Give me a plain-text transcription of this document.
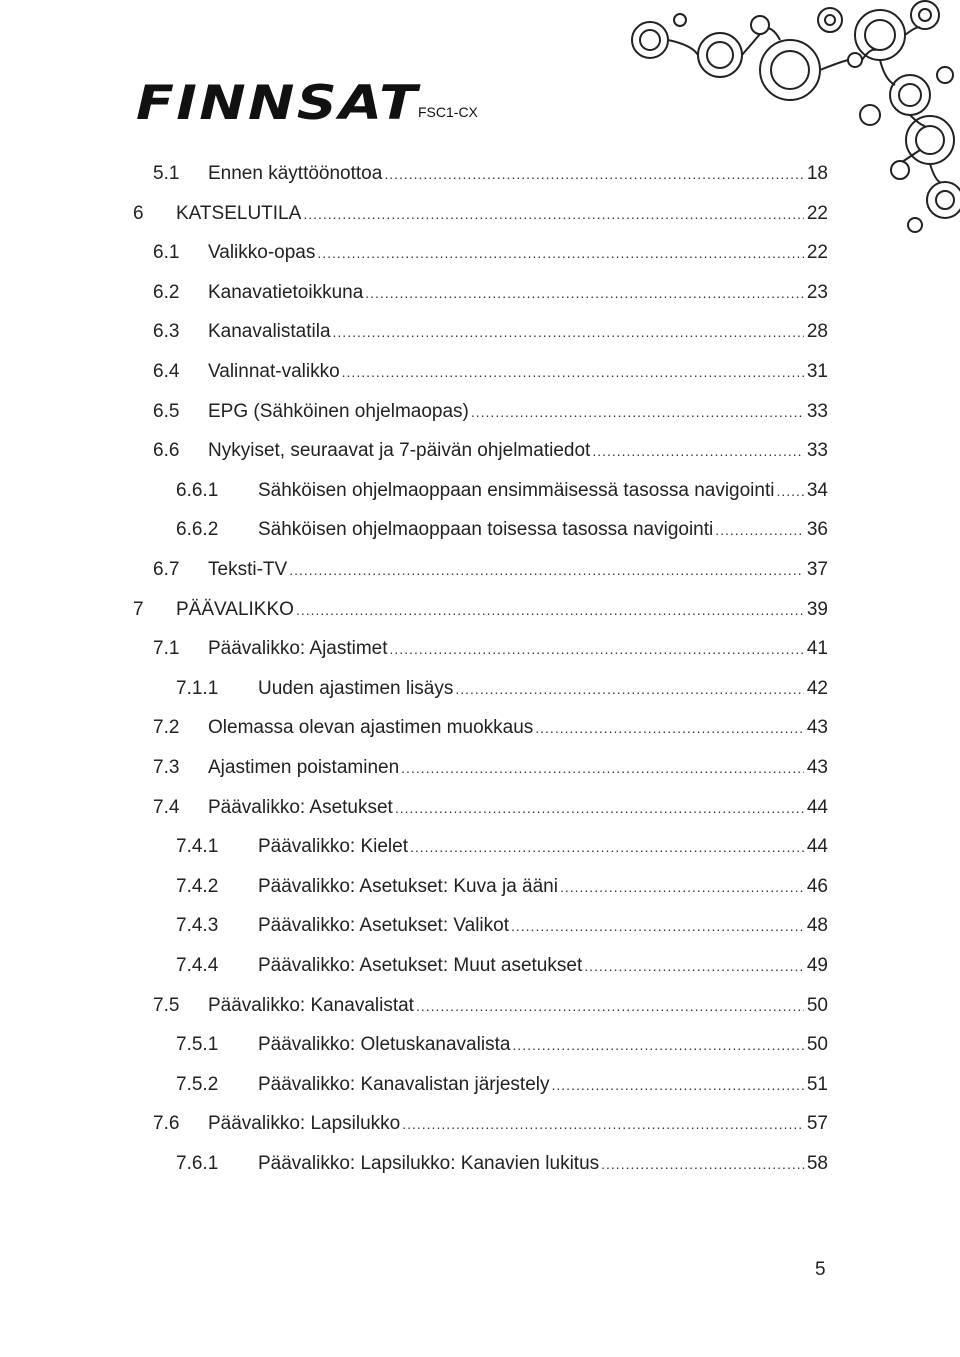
FINNSAT
FSC1-CX
5.1 Ennen käyttöönottoa .....	18
6 KATSELUTILA .....	22
6.1 Valikko-opas .....	22
6.2 Kanavatietoikkuna .....	23
6.3 Kanavalistatila .....	28
6.4 Valinnat-valikko .....	31
6.5 EPG (Sähköinen ohjelmaopas) .....	33
6.6 Nykyiset, seuraavat ja 7-päivän ohjelmatiedot .....	33
6.6.1 Sähköisen ohjelmaoppaan ensimmäisessä tasossa navigointi ..... 34
6.6.2 Sähköisen ohjelmaoppaan toisessa tasossa navigointi .....	36
6.7 Teksti-TV .....	37
7 PÄÄVALIKKO .....	39
7.1 Päävalikko: Ajastimet .....	41
7.1.1 Uuden ajastimen lisäys .....	42
7.2 Olemassa olevan ajastimen muokkaus .....	43
7.3 Ajastimen poistaminen .....	43
7.4 Päävalikko: Asetukset .....	44
7.4.1 Päävalikko: Kielet .....	44
7.4.2 Päävalikko: Asetukset: Kuva ja ääni .....	46
7.4.3 Päävalikko: Asetukset: Valikot .....	48
7.4.4 Päävalikko: Asetukset: Muut asetukset .....	49
7.5 Päävalikko: Kanavalistat .....	50
7.5.1 Päävalikko: Oletuskanavalista .....	50
7.5.2 Päävalikko: Kanavalistan järjestely .....	51
7.6 Päävalikko: Lapsilukko .....	57
7.6.1 Päävalikko: Lapsilukko: Kanavien lukitus .....	58
5
